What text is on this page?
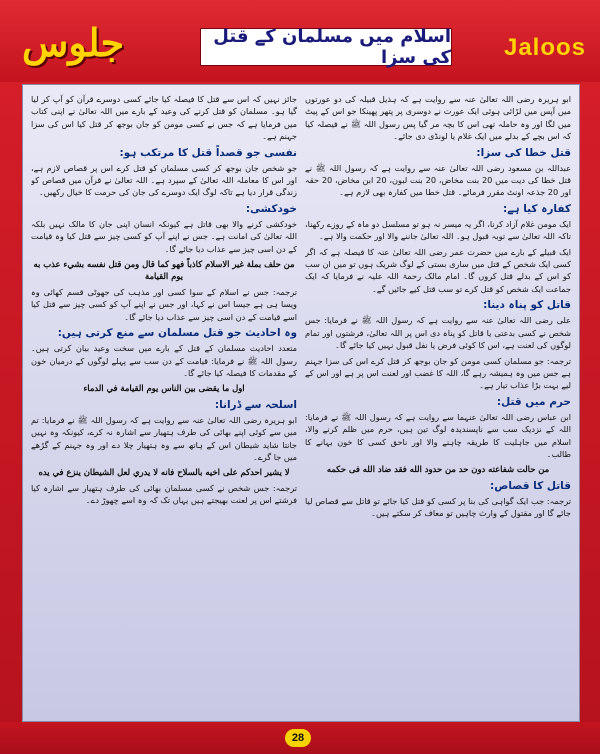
جلوس	اسلام میں مسلمان کے قتل کی سزا Jaloos
ابو ہریرہ رضی اللہ تعالیٰ عنہ سے روایت ہے کہ ہذیل قبیلہ کی دو عورتوں میں آپس میں لڑائی ہوئی ایک عورت نے دوسری پر پتھر پھینکا جو اس کے پیٹ میں لگا اور وہ حاملہ تھی اس کا بچہ مر گیا پس رسول اللہ ﷺ نے فیصلہ کیا کہ اس بچے کے بدلے میں ایک غلام یا لونڈی دی جائے۔
قتل خطا کی سزا:
عبداللہ بن مسعود رضی اللہ تعالیٰ عنہ سے روایت ہے کہ رسول اللہ ﷺ نے قتل خطا کی دیت میں 20 بنت مخاض، 20 بنت لبون، 20 ابن مخاض، 20 حقہ اور 20 جذعہ اونٹ مقرر فرمائے۔ قتل خطا میں کفارہ بھی لازم ہے۔
کفارہ کیا ہے:
ایک مومن غلام آزاد کرنا، اگر یہ میسر نہ ہو تو مسلسل دو ماہ کے روزے رکھنا، تاکہ اللہ تعالیٰ سے توبہ قبول ہو۔ اللہ تعالیٰ جاننے والا اور حکمت والا ہے۔
ایک قبیلے کے بارے میں حضرت عمر رضی اللہ تعالیٰ عنہ کا فیصلہ ہے کہ اگر کسی ایک شخص کے قتل میں ساری بستی کے لوگ شریک ہوں تو میں ان سب کو اس کے بدلے قتل کروں گا۔ امام مالک رحمۃ اللہ علیہ نے فرمایا کہ ایک جماعت ایک شخص کو قتل کرے تو سب قتل کیے جائیں گے۔
قاتل کو پناہ دینا:
علی رضی اللہ تعالیٰ عنہ سے روایت ہے کہ رسول اللہ ﷺ نے فرمایا: جس شخص نے کسی بدعتی یا قاتل کو پناہ دی اس پر اللہ تعالیٰ، فرشتوں اور تمام لوگوں کی لعنت ہے، اس کا کوئی فرض یا نفل قبول نہیں کیا جائے گا۔
ترجمہ: جو مسلمان کسی مومن کو جان بوجھ کر قتل کرے اس کی سزا جہنم ہے جس میں وہ ہمیشہ رہے گا، اللہ کا غضب اور لعنت اس پر ہے اور اس کے لیے بہت بڑا عذاب تیار ہے۔
حرم میں قتل:
ابن عباس رضی اللہ تعالیٰ عنہما سے روایت ہے کہ رسول اللہ ﷺ نے فرمایا: اللہ کے نزدیک سب سے ناپسندیدہ لوگ تین ہیں، حرم میں ظلم کرنے والا، اسلام میں جاہلیت کا طریقہ چاہنے والا اور ناحق کسی کا خون بہانے کا طالب۔
من حالت شفاعته دون حد من حدود الله فقد ضاد الله فی حکمه
قاتل کا قصاص:
ترجمہ: جب ایک گواہی کی بنا پر کسی کو قتل کیا جائے تو قاتل سے قصاص لیا جائے گا اور مقتول کے وارث چاہیں تو معاف کر سکتے ہیں۔
جائز نہیں کہ اس سے قتل کا فیصلہ کیا جائے کسی دوسرے قرآن کو آپ کر لیا گیا ہو۔ مسلمان کو قتل کرنے کی وعید کے بارے میں اللہ تعالیٰ نے اپنی کتاب میں فرمایا ہے کہ جس نے کسی مومن کو جان بوجھ کر قتل کیا اس کی سزا جہنم ہے۔
نفسی جو قصداً قتل کا مرتکب ہو:
جو شخص جان بوجھ کر کسی مسلمان کو قتل کرے اس پر قصاص لازم ہے، اور اس کا معاملہ اللہ تعالیٰ کے سپرد ہے۔ اللہ تعالیٰ نے قرآن میں قصاص کو زندگی قرار دیا ہے تاکہ لوگ ایک دوسرے کی جان کی حرمت کا خیال رکھیں۔
خودکشی:
خودکشی کرنے والا بھی قاتل ہے کیونکہ انسان اپنی جان کا مالک نہیں بلکہ اللہ تعالیٰ کی امانت ہے۔ جس نے اپنے آپ کو کسی چیز سے قتل کیا وہ قیامت کے دن اسی چیز سے عذاب دیا جائے گا۔
من حلف بملة غير الاسلام كاذباً فهو كما قال ومن قتل نفسه بشيء عذب به يوم القيامة
ترجمہ: جس نے اسلام کے سوا کسی اور مذہب کی جھوٹی قسم کھائی وہ ویسا ہی ہے جیسا اس نے کہا، اور جس نے اپنے آپ کو کسی چیز سے قتل کیا اسے قیامت کے دن اسی چیز سے عذاب دیا جائے گا۔
وہ احادیث جو قتل مسلمان سے منع کرتی ہیں:
متعدد احادیث مسلمان کے قتل کے بارے میں سخت وعید بیان کرتی ہیں۔ رسول اللہ ﷺ نے فرمایا: قیامت کے دن سب سے پہلے لوگوں کے درمیان خون کے مقدمات کا فیصلہ کیا جائے گا۔
اول ما يقضى بين الناس يوم القيامة في الدماء
اسلحہ سے ڈرانا:
ابو ہریرہ رضی اللہ تعالیٰ عنہ سے روایت ہے کہ رسول اللہ ﷺ نے فرمایا: تم میں سے کوئی اپنے بھائی کی طرف ہتھیار سے اشارہ نہ کرے، کیونکہ وہ نہیں جانتا شاید شیطان اس کے ہاتھ سے وہ ہتھیار چلا دے اور وہ جہنم کے گڑھے میں جا گرے۔
لا يشير احدكم على اخيه بالسلاح فانه لا يدري لعل الشيطان ينزع في يده
ترجمہ: جس شخص نے کسی مسلمان بھائی کی طرف ہتھیار سے اشارہ کیا فرشتے اس پر لعنت بھیجتے ہیں یہاں تک کہ وہ اسے چھوڑ دے۔
28
